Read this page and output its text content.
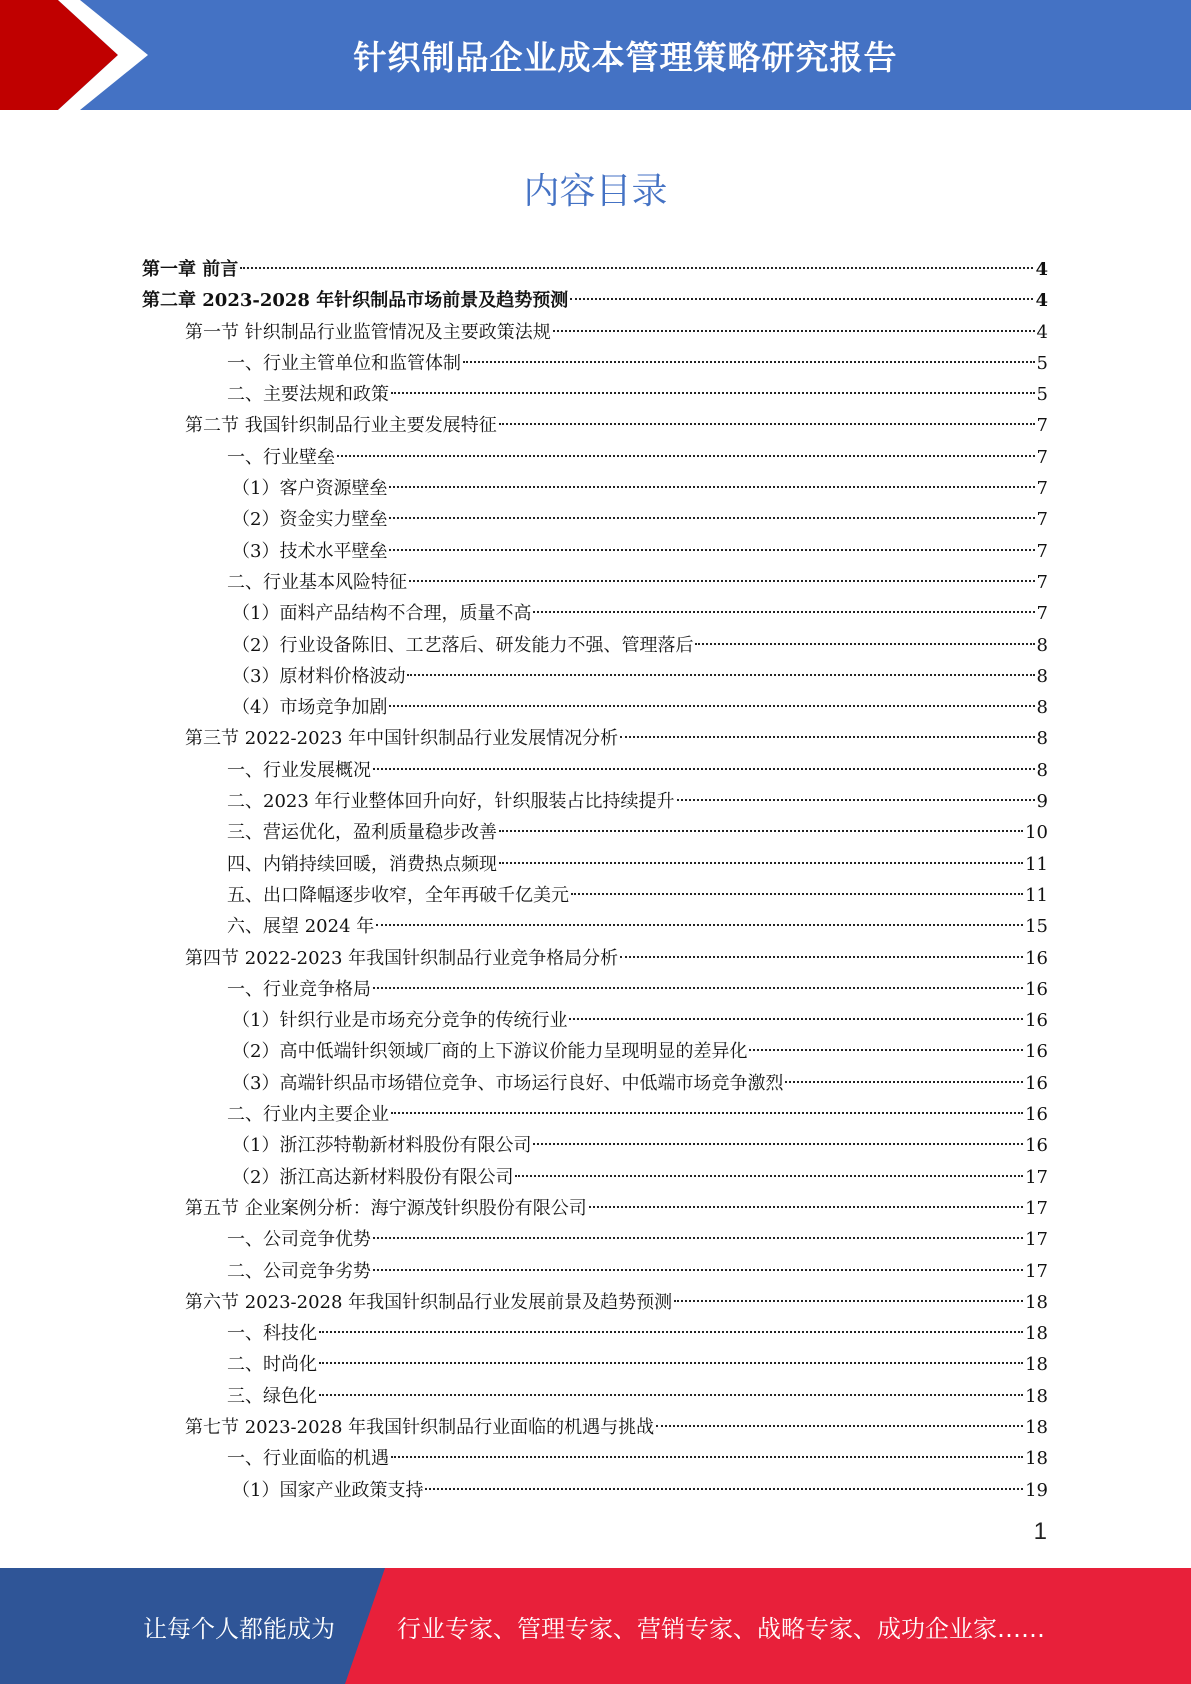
针织制品企业成本管理策略研究报告
内容目录
第一章 前言	4
第二章 2023-2028 年针织制品市场前景及趋势预测	4
第一节 针织制品行业监管情况及主要政策法规	4
一、行业主管单位和监管体制	5
二、主要法规和政策	5
第二节 我国针织制品行业主要发展特征	7
一、行业壁垒	7
（1）客户资源壁垒	7
（2）资金实力壁垒	7
（3）技术水平壁垒	7
二、行业基本风险特征	7
（1）面料产品结构不合理，质量不高	7
（2）行业设备陈旧、工艺落后、研发能力不强、管理落后	8
（3）原材料价格波动	8
（4）市场竞争加剧	8
第三节 2022-2023 年中国针织制品行业发展情况分析	8
一、行业发展概况	8
二、2023 年行业整体回升向好，针织服装占比持续提升	9
三、营运优化，盈利质量稳步改善	10
四、内销持续回暖，消费热点频现	11
五、出口降幅逐步收窄，全年再破千亿美元	11
六、展望 2024 年	15
第四节 2022-2023 年我国针织制品行业竞争格局分析	16
一、行业竞争格局	16
（1）针织行业是市场充分竞争的传统行业	16
（2）高中低端针织领域厂商的上下游议价能力呈现明显的差异化	16
（3）高端针织品市场错位竞争、市场运行良好、中低端市场竞争激烈	16
二、行业内主要企业	16
（1）浙江莎特勒新材料股份有限公司	16
（2）浙江高达新材料股份有限公司	17
第五节 企业案例分析：海宁源茂针织股份有限公司	17
一、公司竞争优势	17
二、公司竞争劣势	17
第六节 2023-2028 年我国针织制品行业发展前景及趋势预测	18
一、科技化	18
二、时尚化	18
三、绿色化	18
第七节 2023-2028 年我国针织制品行业面临的机遇与挑战	18
一、行业面临的机遇	18
（1）国家产业政策支持	19
1
让每个人都能成为	行业专家、管理专家、营销专家、战略专家、成功企业家……
